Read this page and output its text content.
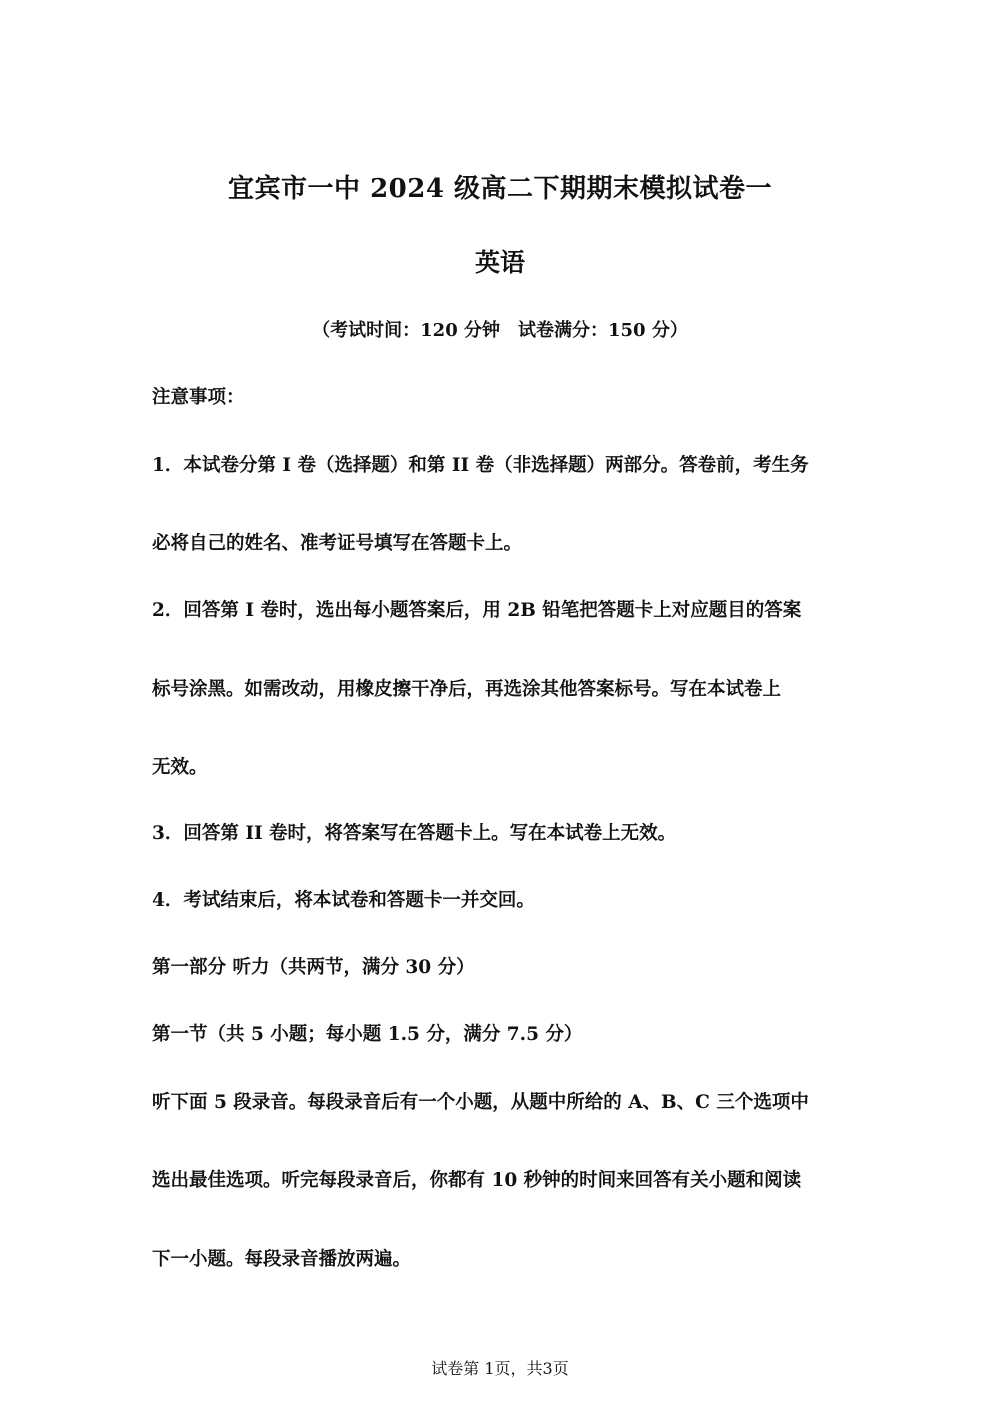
宜宾市一中 2024 级高二下期期末模拟试卷一
英语
（考试时间：120 分钟　试卷满分：150 分）
注意事项：
1．本试卷分第 I 卷（选择题）和第 II 卷（非选择题）两部分。答卷前，考生务
必将自己的姓名、准考证号填写在答题卡上。
2．回答第 I 卷时，选出每小题答案后，用 2B 铅笔把答题卡上对应题目的答案
标号涂黑。如需改动，用橡皮擦干净后，再选涂其他答案标号。写在本试卷上
无效。
3．回答第 II 卷时，将答案写在答题卡上。写在本试卷上无效。
4．考试结束后，将本试卷和答题卡一并交回。
第一部分 听力（共两节，满分 30 分）
第一节（共 5 小题；每小题 1.5 分，满分 7.5 分）
听下面 5 段录音。每段录音后有一个小题，从题中所给的 A、B、C 三个选项中
选出最佳选项。听完每段录音后，你都有 10 秒钟的时间来回答有关小题和阅读
下一小题。每段录音播放两遍。
试卷第 1页，共3页
